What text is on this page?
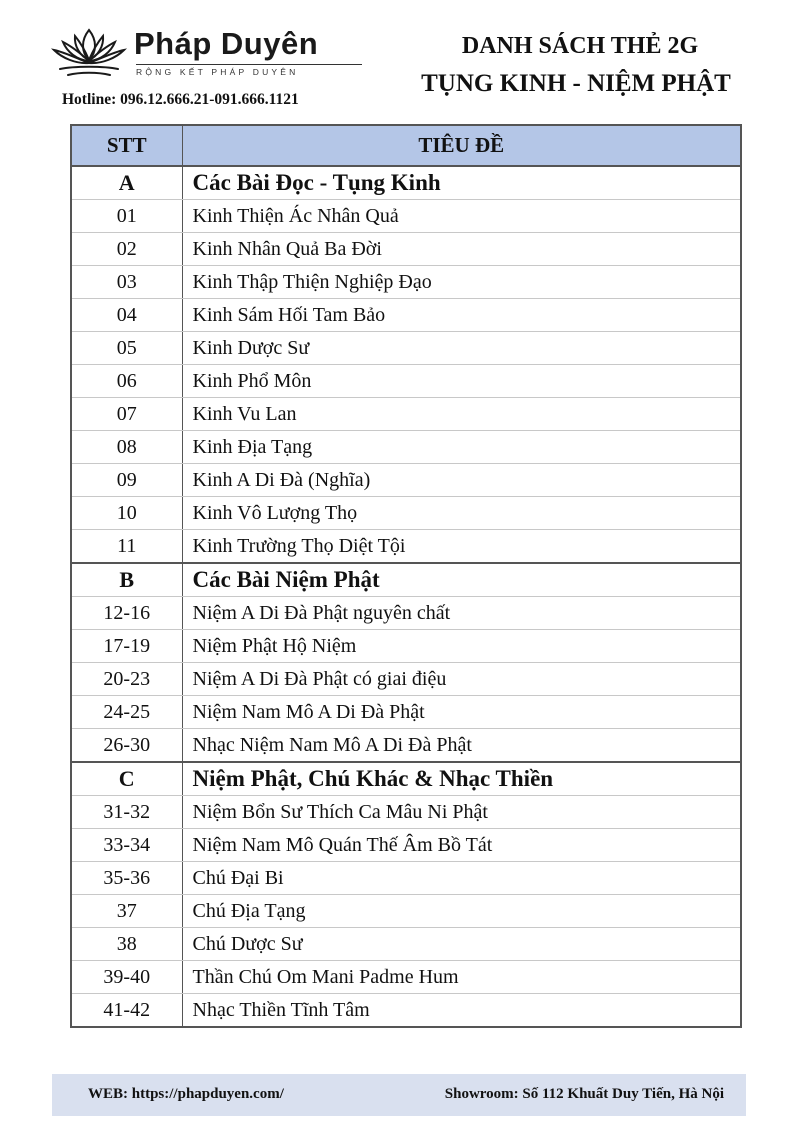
Pháp Duyên
RỘNG KẾT PHÁP DUYÊN
Hotline: 096.12.666.21-091.666.1121
DANH SÁCH THẺ 2G
TỤNG KINH - NIỆM PHẬT
STT	TIÊU ĐỀ
A	Các Bài Đọc - Tụng Kinh
01	Kinh Thiện Ác Nhân Quả
02	Kinh Nhân Quả Ba Đời
03	Kinh Thập Thiện Nghiệp Đạo
04	Kinh Sám Hối Tam Bảo
05	Kinh Dược Sư
06	Kinh Phổ Môn
07	Kinh Vu Lan
08	Kinh Địa Tạng
09	Kinh A Di Đà (Nghĩa)
10	Kinh Vô Lượng Thọ
11	Kinh Trường Thọ Diệt Tội
B	Các Bài Niệm Phật
12-16	Niệm A Di Đà Phật nguyên chất
17-19	Niệm Phật Hộ Niệm
20-23	Niệm A Di Đà Phật có giai điệu
24-25	Niệm Nam Mô A Di Đà Phật
26-30	Nhạc Niệm Nam Mô A Di Đà Phật
C	Niệm Phật, Chú Khác & Nhạc Thiền
31-32	Niệm Bổn Sư Thích Ca Mâu Ni Phật
33-34	Niệm Nam Mô Quán Thế Âm Bồ Tát
35-36	Chú Đại Bi
37	Chú Địa Tạng
38	Chú Dược Sư
39-40	Thần Chú Om Mani Padme Hum
41-42	Nhạc Thiền Tĩnh Tâm
WEB: https://phapduyen.com/	Showroom: Số 112 Khuất Duy Tiến, Hà Nội
